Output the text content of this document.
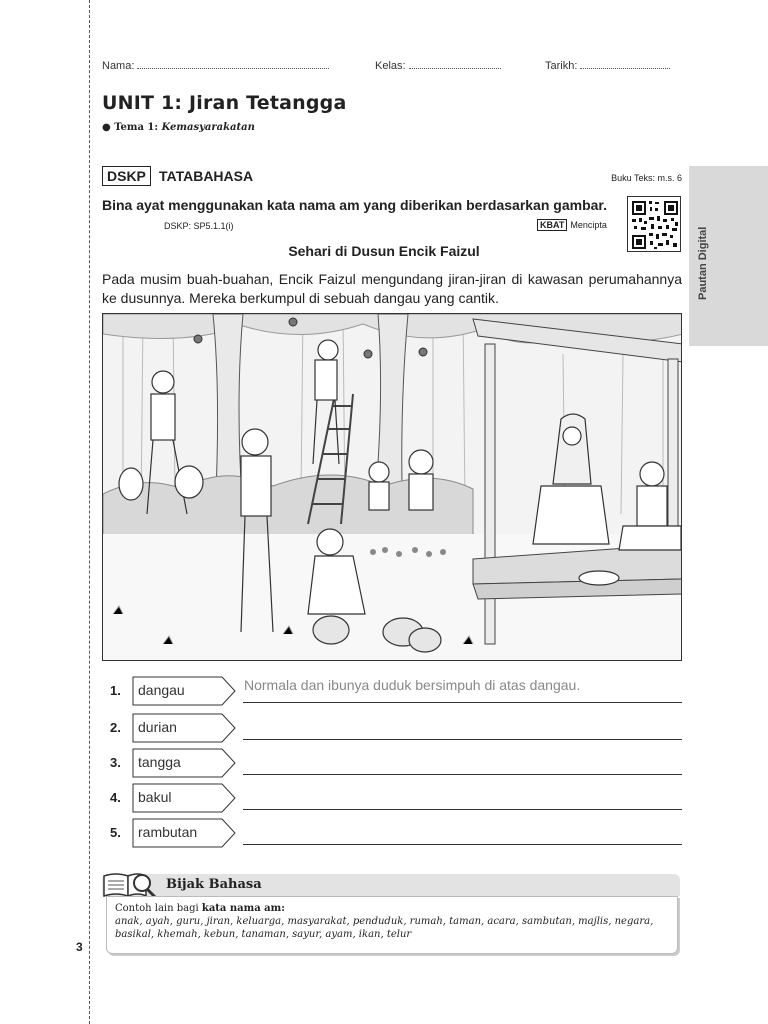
3
Pautan Digital
Nama:	Kelas:	Tarikh:
UNIT 1: Jiran Tetangga
● Tema 1: Kemasyarakatan
DSKP TATABAHASA	Buku Teks: m.s. 6
Bina ayat menggunakan kata nama am yang diberikan berdasarkan gambar.
DSKP: SP5.1.1(i)	KBAT Mencipta
Sehari di Dusun Encik Faizul
Pada musim buah-buahan, Encik Faizul mengundang jiran-jiran di kawasan perumahannya ke dusunnya. Mereka berkumpul di sebuah dangau yang cantik.
1. dangau	Normala dan ibunya duduk bersimpuh di atas dangau.
2. durian
3. tangga
4. bakul
5. rambutan
Bijak Bahasa
Contoh lain bagi kata nama am:
anak, ayah, guru, jiran, keluarga, masyarakat, penduduk, rumah, taman, acara, sambutan, majlis, negara, basikal, khemah, kebun, tanaman, sayur, ayam, ikan, telur
